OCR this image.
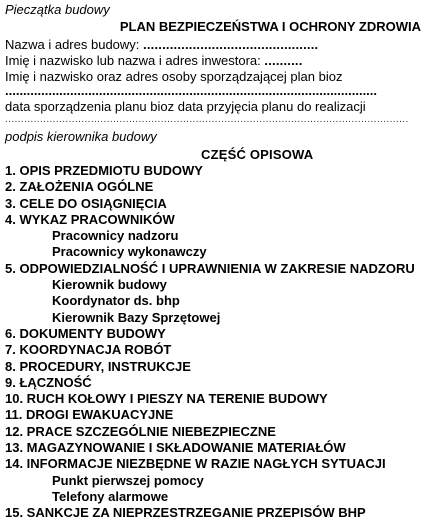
Pieczątka budowy
PLAN BEZPIECZEŃSTWA I OCHRONY ZDROWIA
Nazwa i adres budowy: ..............................................
Imię i nazwisko lub nazwa i adres inwestora: ..........
Imię i nazwisko oraz adres osoby sporządzającej plan bioz
.......................................................................................................
data sporządzenia planu bioz data przyjęcia planu do realizacji
...............................................................................................................................
podpis kierownika budowy
CZĘŚĆ OPISOWA
1. OPIS PRZEDMIOTU BUDOWY
2. ZAŁOŻENIA OGÓLNE
3. CELE DO OSIĄGNIĘCIA
4. WYKAZ PRACOWNIKÓW
Pracownicy nadzoru
Pracownicy wykonawczy
5. ODPOWIEDZIALNOŚĆ I UPRAWNIENIA W ZAKRESIE NADZORU
Kierownik budowy
Koordynator ds. bhp
Kierownik Bazy Sprzętowej
6. DOKUMENTY BUDOWY
7. KOORDYNACJA ROBÓT
8. PROCEDURY, INSTRUKCJE
9. ŁĄCZNOŚĆ
10. RUCH KOŁOWY I PIESZY NA TERENIE BUDOWY
11. DROGI EWAKUACYJNE
12. PRACE SZCZEGÓLNIE NIEBEZPIECZNE
13. MAGAZYNOWANIE I SKŁADOWANIE MATERIAŁÓW
14. INFORMACJE NIEZBĘDNE W RAZIE NAGŁYCH SYTUACJI
Punkt pierwszej pomocy
Telefony alarmowe
15. SANKCJE ZA NIEPRZESTRZEGANIE PRZEPISÓW BHP
